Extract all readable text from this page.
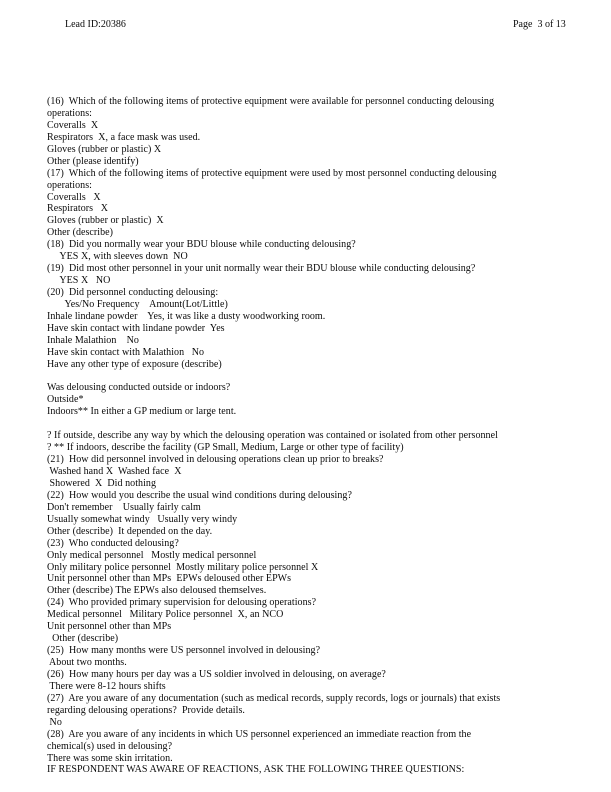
Lead ID:20386	Page  3 of 13
(16)  Which of the following items of protective equipment were available for personnel conducting delousing
operations:
Coveralls  X
Respirators  X, a face mask was used.
Gloves (rubber or plastic) X
Other (please identify)
(17)  Which of the following items of protective equipment were used by most personnel conducting delousing
operations:
Coveralls   X
Respirators   X
Gloves (rubber or plastic)  X
Other (describe)
(18)  Did you normally wear your BDU blouse while conducting delousing?
YES X, with sleeves down  NO
(19)  Did most other personnel in your unit normally wear their BDU blouse while conducting delousing?
YES X   NO
(20)  Did personnel conducting delousing:
Yes/No Frequency    Amount(Lot/Little)
Inhale lindane powder    Yes, it was like a dusty woodworking room.
Have skin contact with lindane powder  Yes
Inhale Malathion    No
Have skin contact with Malathion   No
Have any other type of exposure (describe)
Was delousing conducted outside or indoors?
Outside*
Indoors** In either a GP medium or large tent.
? If outside, describe any way by which the delousing operation was contained or isolated from other personnel
? ** If indoors, describe the facility (GP Small, Medium, Large or other type of facility)
(21)  How did personnel involved in delousing operations clean up prior to breaks?
Washed hand X  Washed face  X
Showered  X  Did nothing
(22)  How would you describe the usual wind conditions during delousing?
Don't remember    Usually fairly calm
Usually somewhat windy   Usually very windy
Other (describe)  It depended on the day.
(23)  Who conducted delousing?
Only medical personnel   Mostly medical personnel
Only military police personnel  Mostly military police personnel X
Unit personnel other than MPs  EPWs deloused other EPWs
Other (describe) The EPWs also deloused themselves.
(24)  Who provided primary supervision for delousing operations?
Medical personnel   Military Police personnel  X, an NCO
Unit personnel other than MPs
Other (describe)
(25)  How many months were US personnel involved in delousing?
About two months.
(26)  How many hours per day was a US soldier involved in delousing, on average?
There were 8-12 hours shifts
(27)  Are you aware of any documentation (such as medical records, supply records, logs or journals) that exists
regarding delousing operations?  Provide details.
No
(28)  Are you aware of any incidents in which US personnel experienced an immediate reaction from the
chemical(s) used in delousing?
There was some skin irritation.
IF RESPONDENT WAS AWARE OF REACTIONS, ASK THE FOLLOWING THREE QUESTIONS:
